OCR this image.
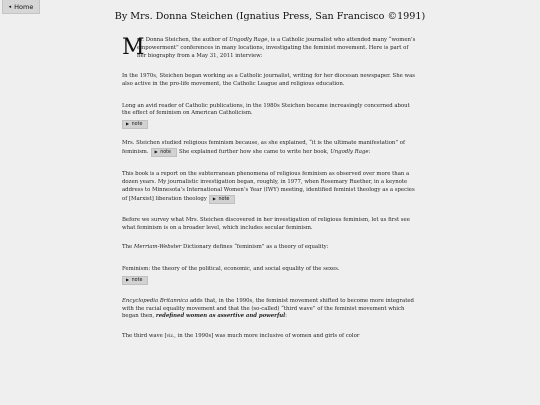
◂ Home
By Mrs. Donna Steichen (Ignatius Press, San Francisco ©1991)

M
rs. Donna Steichen, the author of Ungodly Rage, is a Catholic journalist who attended many “women’s empowerment” conferences in many locations, investigating the feminist movement. Here is part of her biography from a May 31, 2011 interview:

In the 1970s, Steichen began working as a Catholic journalist, writing for her diocesan newspaper. She was also active in the pro-life movement, the Catholic League and religious education.

Long an avid reader of Catholic publications, in the 1980s Steichen became increasingly concerned about the effect of feminism on American Catholicism.
▶ note

Mrs. Steichen studied religious feminism because, as she explained, “it is the ultimate manifestation” of feminism. ▶ note She explained further how she came to write her book, Ungodly Rage:

This book is a report on the subterranean phenomena of religious feminism as observed over more than a dozen years. My journalistic investigation began, roughly, in 1977, when Rosemary Ruether, in a keynote address to Minnesota’s International Women’s Year (IWY) meeting, identified feminist theology as a species of [Marxist] liberation theology ▶ note

Before we survey what Mrs. Steichen discovered in her investigation of religious feminism, let us first see what feminism is on a broader level, which includes secular feminism.

The Merriam-Webster Dictionary defines “feminism” as a theory of equality:

Feminism: the theory of the political, economic, and social equality of the sexes.
▶ note

Encyclopedia Britannica adds that, in the 1990s, the feminist movement shifted to become more integrated with the racial equality movement and that the (so-called) “third wave” of the feminist movement which began then, redefined women as assertive and powerful:

The third wave [viz., in the 1990s] was much more inclusive of women and girls of color
